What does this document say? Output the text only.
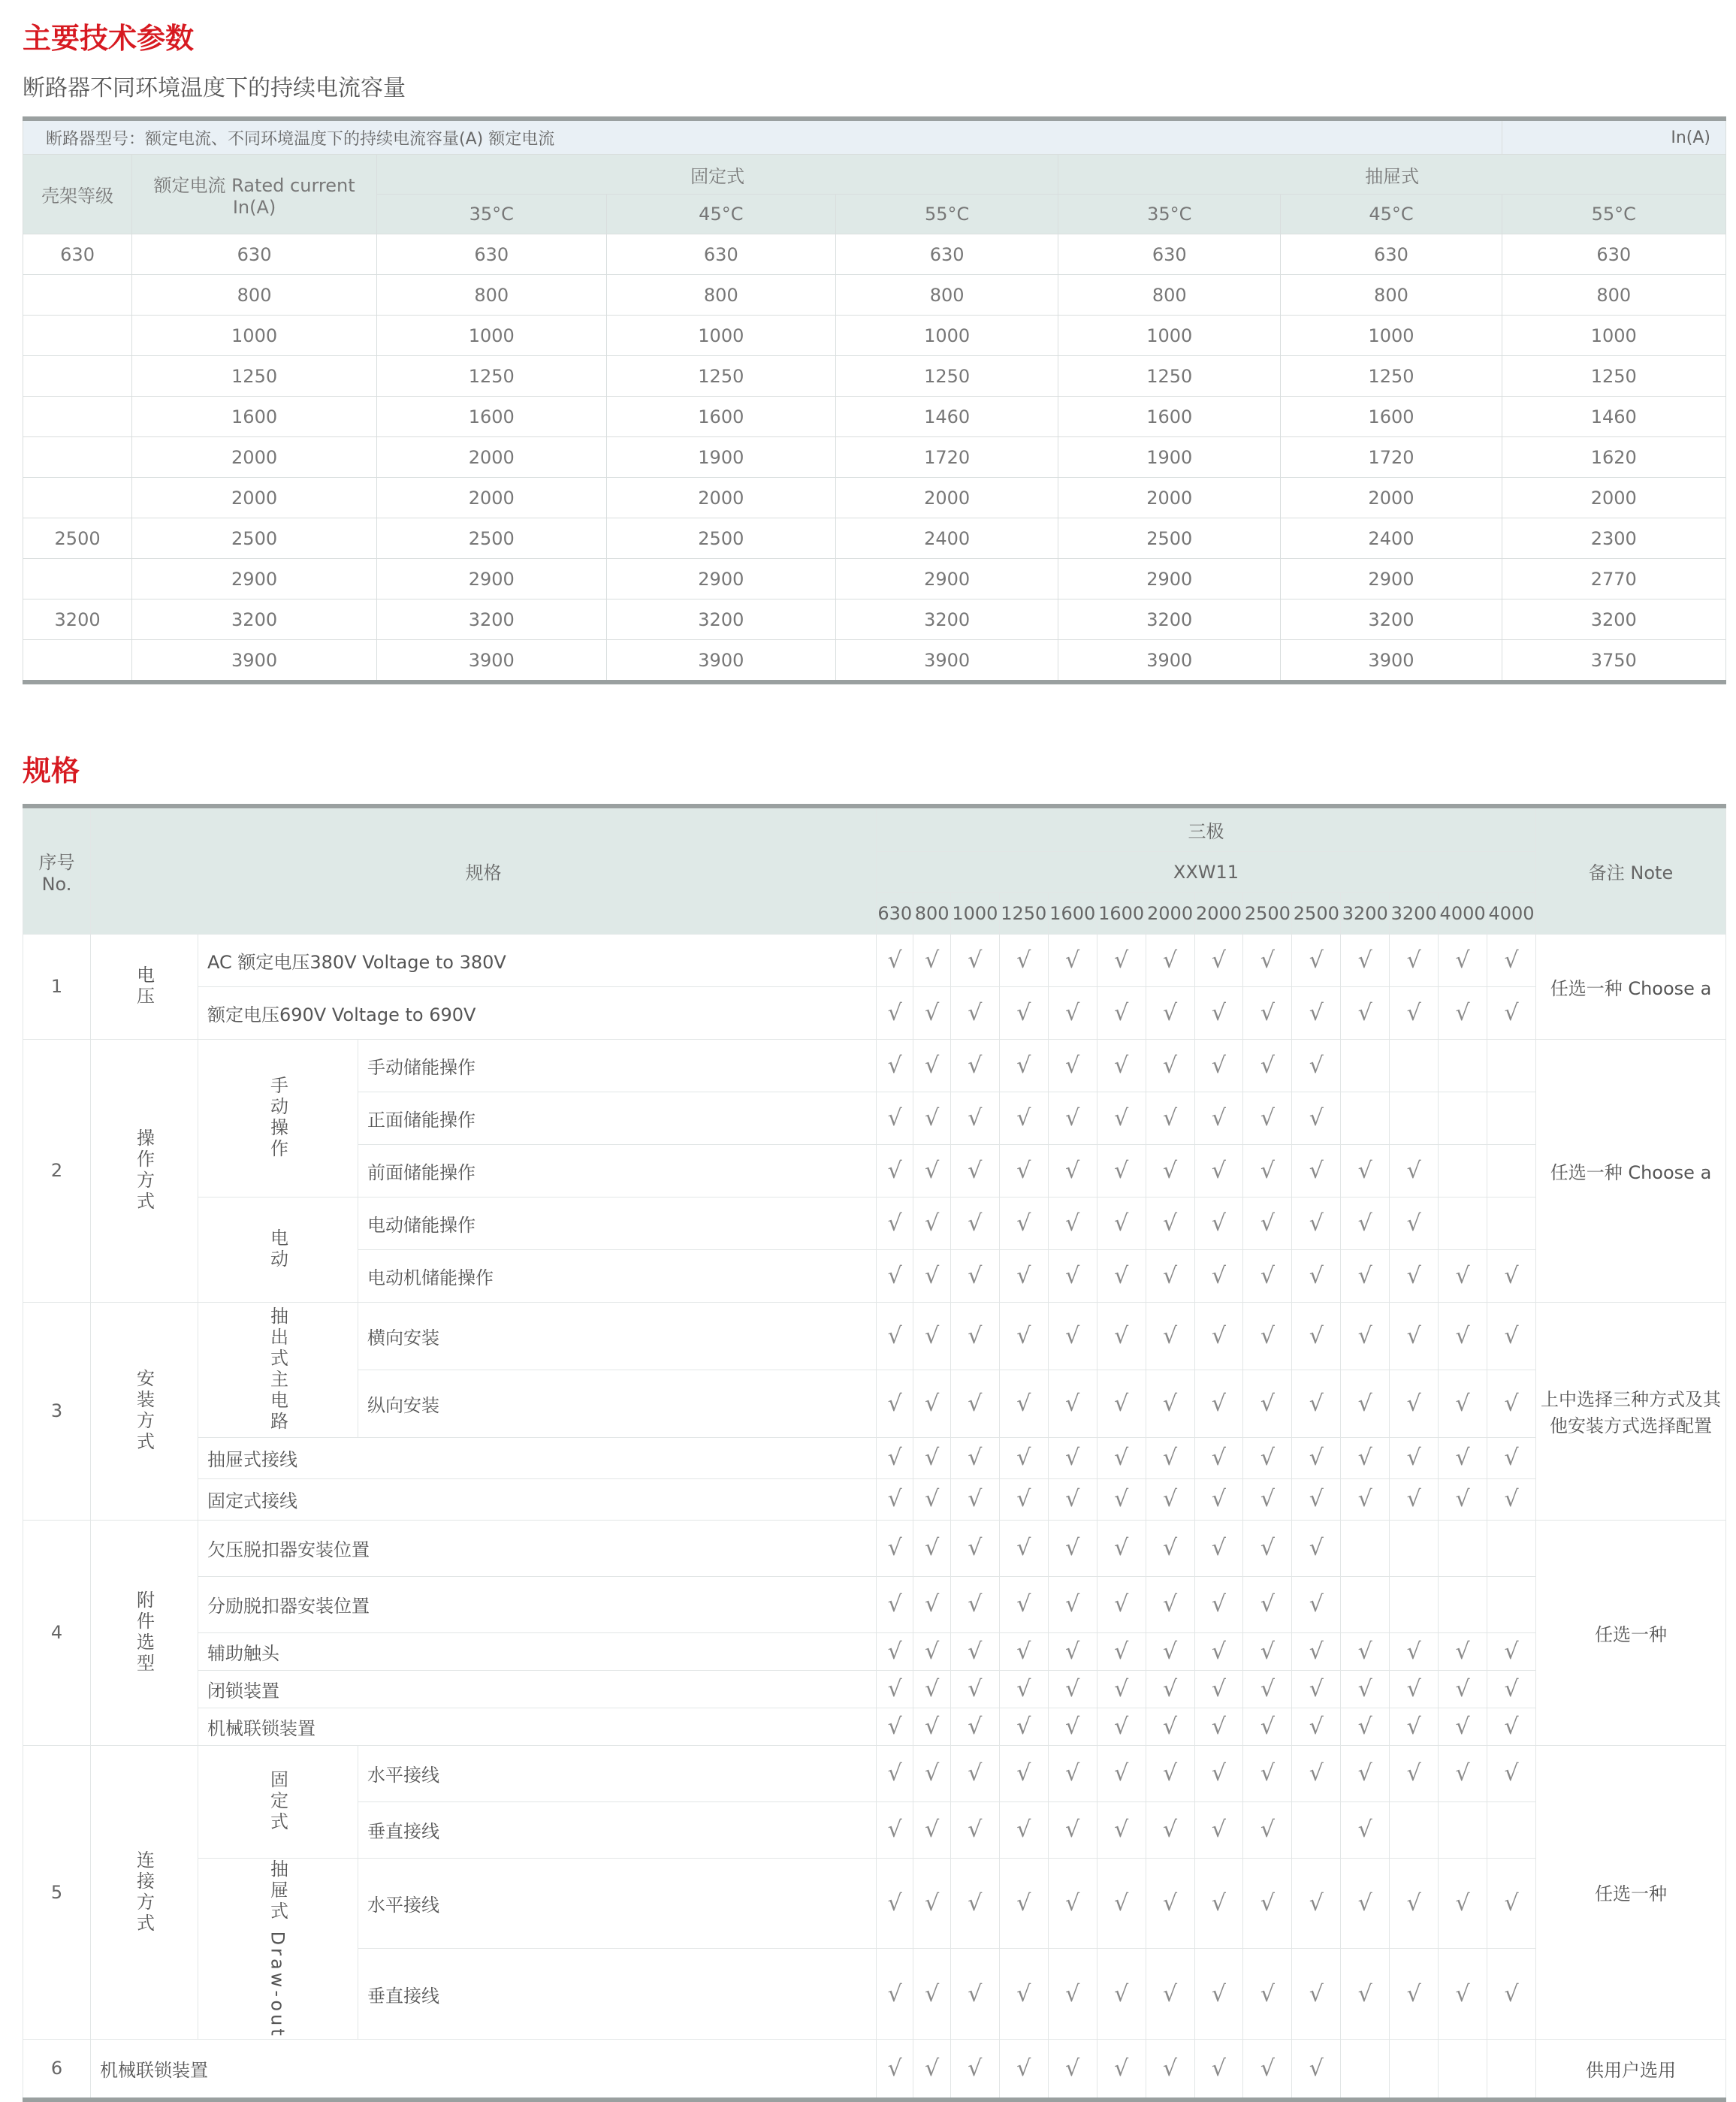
主要技术参数
断路器不同环境温度下的持续电流容量
断路器型号：额定电流、不同环境温度下的持续电流容量(A) 额定电流							In(A)
壳架等级	额定电流 Rated current In(A)	固定式			抽屉式		
		35°C	45°C	55°C	35°C	45°C	55°C
630	630	630	630	630	630	630	630
	800	800	800	800	800	800	800
	1000	1000	1000	1000	1000	1000	1000
	1250	1250	1250	1250	1250	1250	1250
	1600	1600	1600	1460	1600	1600	1460
	2000	2000	1900	1720	1900	1720	1620
	2000	2000	2000	2000	2000	2000	2000
2500	2500	2500	2500	2400	2500	2400	2300
	2900	2900	2900	2900	2900	2900	2770
3200	3200	3200	3200	3200	3200	3200	3200
	3900	3900	3900	3900	3900	3900	3750
规格
序号 No.	规格			三极														备注 Note
				XXW11														
				630	800	1000	1250	1600	1600	2000	2000	2500	2500	3200	3200	4000	4000	
1	电压	AC 额定电压380V Voltage to 380V		√	√	√	√	√	√	√	√	√	√	√	√	√	√	任选一种 Choose a
		额定电压690V Voltage to 690V		√	√	√	√	√	√	√	√	√	√	√	√	√	√	
2	操作方式	手动操作	手动储能操作	√	√	√	√	√	√	√	√	√	√					任选一种 Choose a
			正面储能操作	√	√	√	√	√	√	√	√	√	√					
			前面储能操作	√	√	√	√	√	√	√	√	√	√	√	√			

		电动	电动储能操作	√	√	√	√	√	√	√	√	√	√	√	√			
			电动机储能操作	√	√	√	√	√	√	√	√	√	√	√	√	√	√	
3	安装方式	抽出式主电路	横向安装	√	√	√	√	√	√	√	√	√	√	√	√	√	√	上中选择三种方式及其他安装方式选择配置
			纵向安装	√	√	√	√	√	√	√	√	√	√	√	√	√	√	
		抽屉式接线		√	√	√	√	√	√	√	√	√	√	√	√	√	√	
		固定式接线		√	√	√	√	√	√	√	√	√	√	√	√	√	√	
4	附件选型	欠压脱扣器安装位置		√	√	√	√	√	√	√	√	√	√					任选一种
		分励脱扣器安装位置		√	√	√	√	√	√	√	√	√	√					
		辅助触头		√	√	√	√	√	√	√	√	√	√	√	√	√	√	
		闭锁装置		√	√	√	√	√	√	√	√	√	√	√	√	√	√	
		机械联锁装置		√	√	√	√	√	√	√	√	√	√	√	√	√	√	
5	连接方式	固定式	水平接线	√	√	√	√	√	√	√	√	√	√	√	√	√	√	任选一种
			垂直接线	√	√	√	√	√	√	√	√	√		√				

		抽屉式 Draw-out	水平接线	√	√	√	√	√	√	√	√	√	√	√	√	√	√	
			垂直接线	√	√	√	√	√	√	√	√	√	√	√	√	√	√	
6	机械联锁装置			√	√	√	√	√	√	√	√	√	√					供用户选用
